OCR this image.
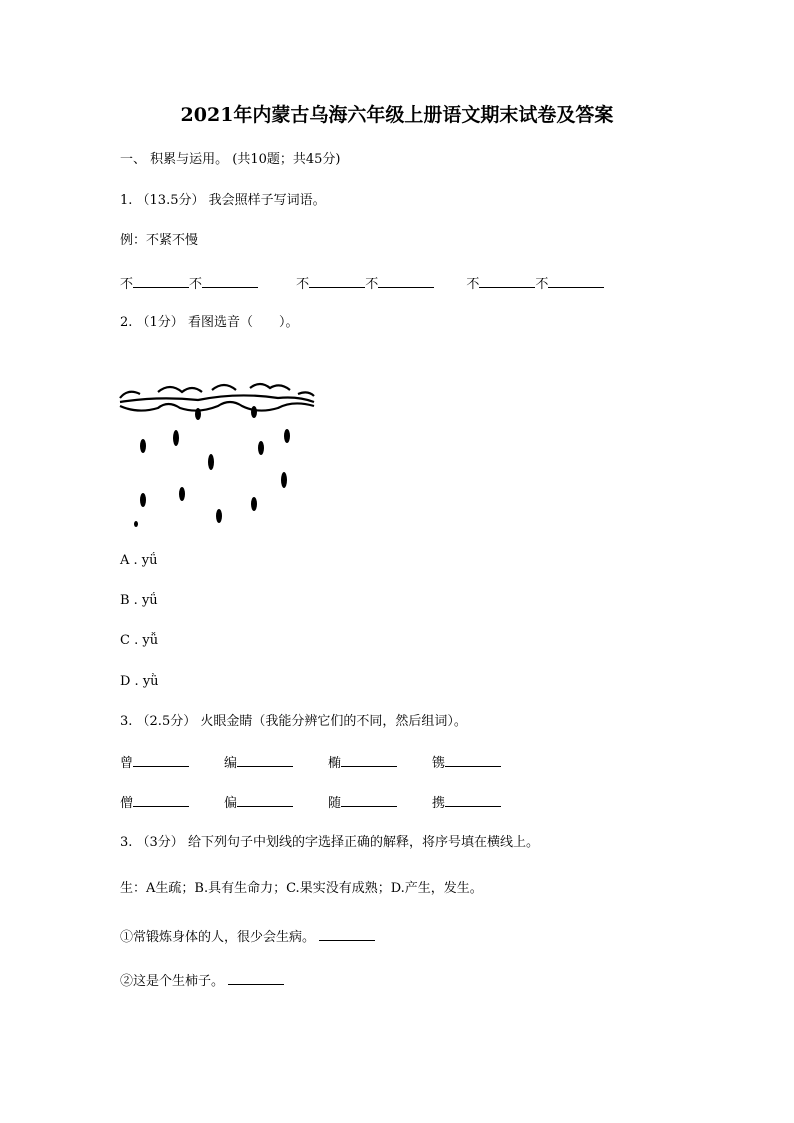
2021年内蒙古乌海六年级上册语文期末试卷及答案
一、 积累与运用。 (共10题；共45分)
1. （13.5分） 我会照样子写词语。
例：不紧不慢
不	不	不	不	不	不
2. （1分） 看图选音（　　）。
A . yǘ
B . yǘ
C . yǚ
D . yǜ
3. （2.5分） 火眼金睛（我能分辨它们的不同，然后组词）。
曾	编	椭	镌
僧	偏	随	携
3. （3分） 给下列句子中划线的字选择正确的解释，将序号填在横线上。
生：A生疏；B.具有生命力；C.果实没有成熟；D.产生，发生。
①常锻炼身体的人，很少会生病。
②这是个生柿子。
